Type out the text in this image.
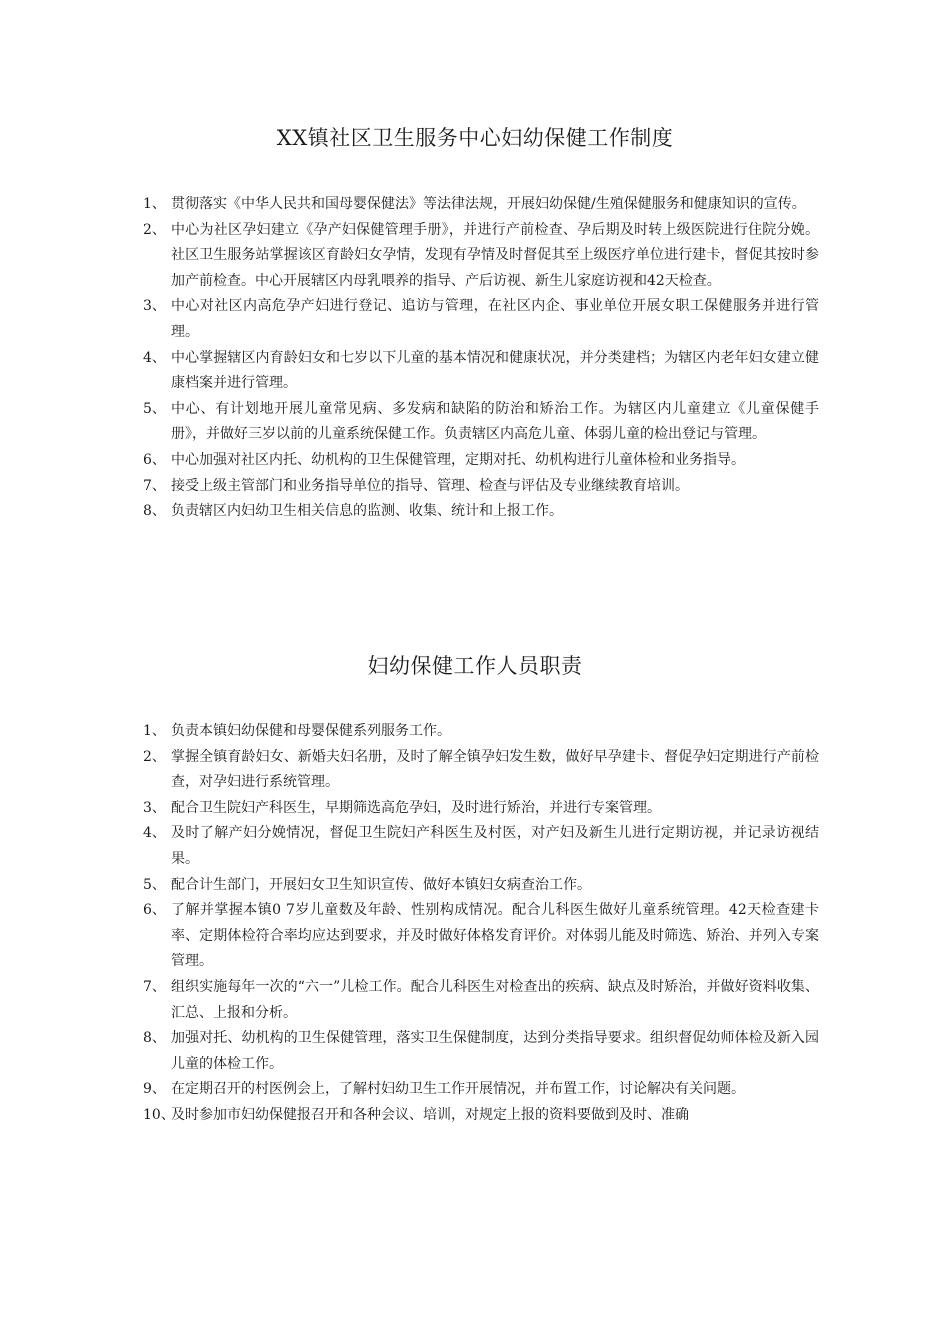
XX镇社区卫生服务中心妇幼保健工作制度
1、 贯彻落实《中华人民共和国母婴保健法》等法律法规，开展妇幼保健/生殖保健服务和健康知识的宣传。
2、 中心为社区孕妇建立《孕产妇保健管理手册》，并进行产前检查、孕后期及时转上级医院进行住院分娩。社区卫生服务站掌握该区育龄妇女孕情，发现有孕情及时督促其至上级医疗单位进行建卡，督促其按时参加产前检查。中心开展辖区内母乳喂养的指导、产后访视、新生儿家庭访视和42天检查。
3、 中心对社区内高危孕产妇进行登记、追访与管理，在社区内企、事业单位开展女职工保健服务并进行管理。
4、 中心掌握辖区内育龄妇女和七岁以下儿童的基本情况和健康状况，并分类建档；为辖区内老年妇女建立健康档案并进行管理。
5、 中心、有计划地开展儿童常见病、多发病和缺陷的防治和矫治工作。为辖区内儿童建立《儿童保健手册》，并做好三岁以前的儿童系统保健工作。负责辖区内高危儿童、体弱儿童的检出登记与管理。
6、 中心加强对社区内托、幼机构的卫生保健管理，定期对托、幼机构进行儿童体检和业务指导。
7、 接受上级主管部门和业务指导单位的指导、管理、检查与评估及专业继续教育培训。
8、 负责辖区内妇幼卫生相关信息的监测、收集、统计和上报工作。
妇幼保健工作人员职责
1、 负责本镇妇幼保健和母婴保健系列服务工作。
2、 掌握全镇育龄妇女、新婚夫妇名册，及时了解全镇孕妇发生数，做好早孕建卡、督促孕妇定期进行产前检查，对孕妇进行系统管理。
3、 配合卫生院妇产科医生，早期筛选高危孕妇，及时进行矫治，并进行专案管理。
4、 及时了解产妇分娩情况，督促卫生院妇产科医生及村医，对产妇及新生儿进行定期访视，并记录访视结果。
5、 配合计生部门，开展妇女卫生知识宣传、做好本镇妇女病查治工作。
6、 了解并掌握本镇0 7岁儿童数及年龄、性别构成情况。配合儿科医生做好儿童系统管理。42天检查建卡率、定期体检符合率均应达到要求，并及时做好体格发育评价。对体弱儿能及时筛选、矫治、并列入专案管理。
7、 组织实施每年一次的“六一”儿检工作。配合儿科医生对检查出的疾病、缺点及时矫治，并做好资料收集、汇总、上报和分析。
8、 加强对托、幼机构的卫生保健管理，落实卫生保健制度，达到分类指导要求。组织督促幼师体检及新入园儿童的体检工作。
9、 在定期召开的村医例会上，了解村妇幼卫生工作开展情况，并布置工作，讨论解决有关问题。
10、
及时参加市妇幼保健报召开和各种会议、培训，对规定上报的资料要做到及时、准确
